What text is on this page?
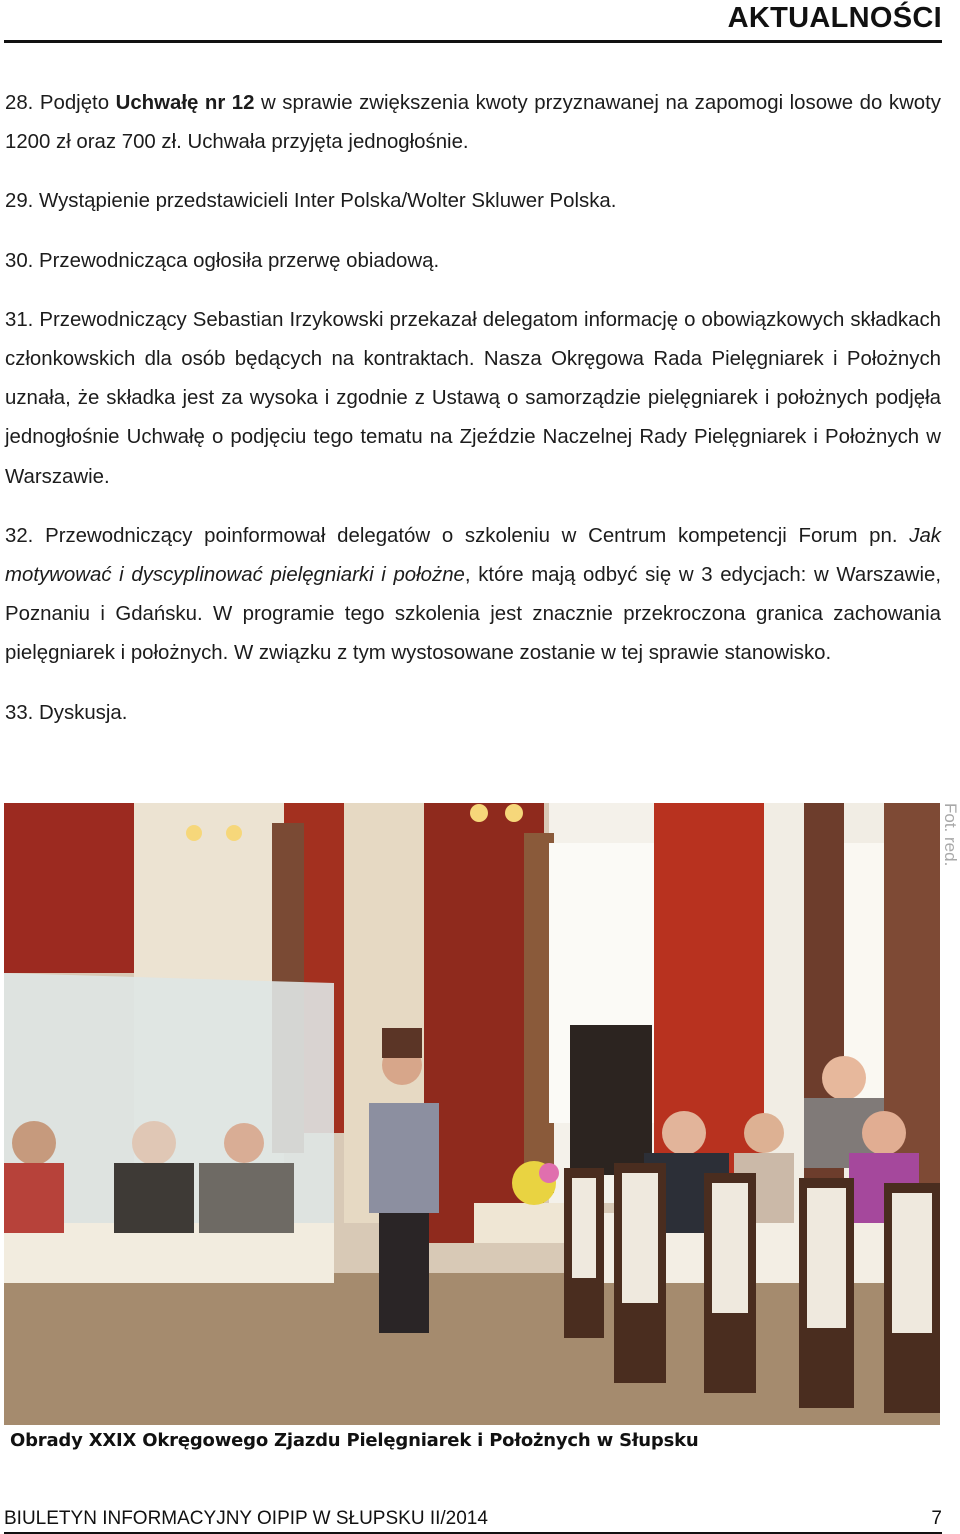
AKTUALNOŚCI

28. Podjęto Uchwałę nr 12 w sprawie zwiększenia kwoty przyznawanej na zapomogi losowe do kwoty 1200 zł oraz 700 zł. Uchwała przyjęta jednogłośnie.

29. Wystąpienie przedstawicieli Inter Polska/Wolter Skluwer Polska.

30. Przewodnicząca ogłosiła przerwę obiadową.

31. Przewodniczący Sebastian Irzykowski przekazał delegatom informację o obowiązkowych składkach członkowskich dla osób będących na kontraktach. Nasza Okręgowa Rada Pielęgniarek i Położnych uznała, że składka jest za wysoka i zgodnie z Ustawą o samorządzie pielęgniarek i położnych podjęła jednogłośnie Uchwałę o podjęciu tego tematu na Zjeździe Naczelnej Rady Pielęgniarek i Położnych w Warszawie.

32. Przewodniczący poinformował delegatów o szkoleniu w Centrum kompetencji Forum pn. Jak motywować i dyscyplinować pielęgniarki i położne, które mają odbyć się w 3 edycjach: w Warszawie, Poznaniu i Gdańsku. W programie tego szkolenia jest znacznie przekroczona granica zachowania pielęgniarek i położnych. W związku z tym wystosowane zostanie w tej sprawie stanowisko.

33. Dyskusja.

Fot. red.
Obrady XXIX Okręgowego Zjazdu Pielęgniarek i Położnych w Słupsku
BIULETYN INFORMACYJNY OIPIP W SŁUPSKU II/2014	7
